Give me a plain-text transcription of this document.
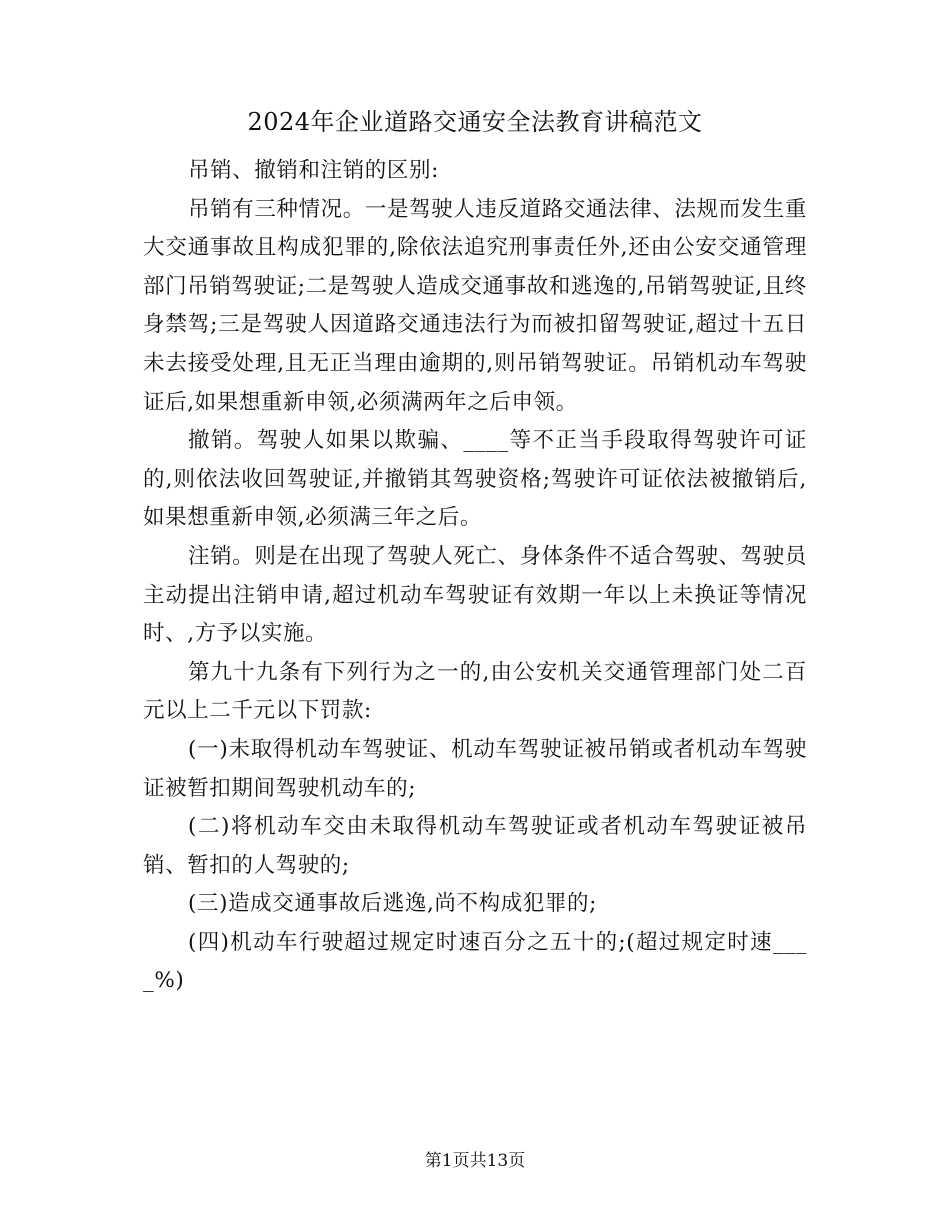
2024年企业道路交通安全法教育讲稿范文

吊销、撤销和注销的区别:

吊销有三种情况。一是驾驶人违反道路交通法律、法规而发生重大交通事故且构成犯罪的,除依法追究刑事责任外,还由公安交通管理部门吊销驾驶证;二是驾驶人造成交通事故和逃逸的,吊销驾驶证,且终身禁驾;三是驾驶人因道路交通违法行为而被扣留驾驶证,超过十五日未去接受处理,且无正当理由逾期的,则吊销驾驶证。吊销机动车驾驶证后,如果想重新申领,必须满两年之后申领。

撤销。驾驶人如果以欺骗、____等不正当手段取得驾驶许可证的,则依法收回驾驶证,并撤销其驾驶资格;驾驶许可证依法被撤销后,如果想重新申领,必须满三年之后。

注销。则是在出现了驾驶人死亡、身体条件不适合驾驶、驾驶员主动提出注销申请,超过机动车驾驶证有效期一年以上未换证等情况时、,方予以实施。

第九十九条有下列行为之一的,由公安机关交通管理部门处二百元以上二千元以下罚款:

(一)未取得机动车驾驶证、机动车驾驶证被吊销或者机动车驾驶证被暂扣期间驾驶机动车的;

(二)将机动车交由未取得机动车驾驶证或者机动车驾驶证被吊销、暂扣的人驾驶的;

(三)造成交通事故后逃逸,尚不构成犯罪的;

(四)机动车行驶超过规定时速百分之五十的;(超过规定时速____%)

第1页共13页
